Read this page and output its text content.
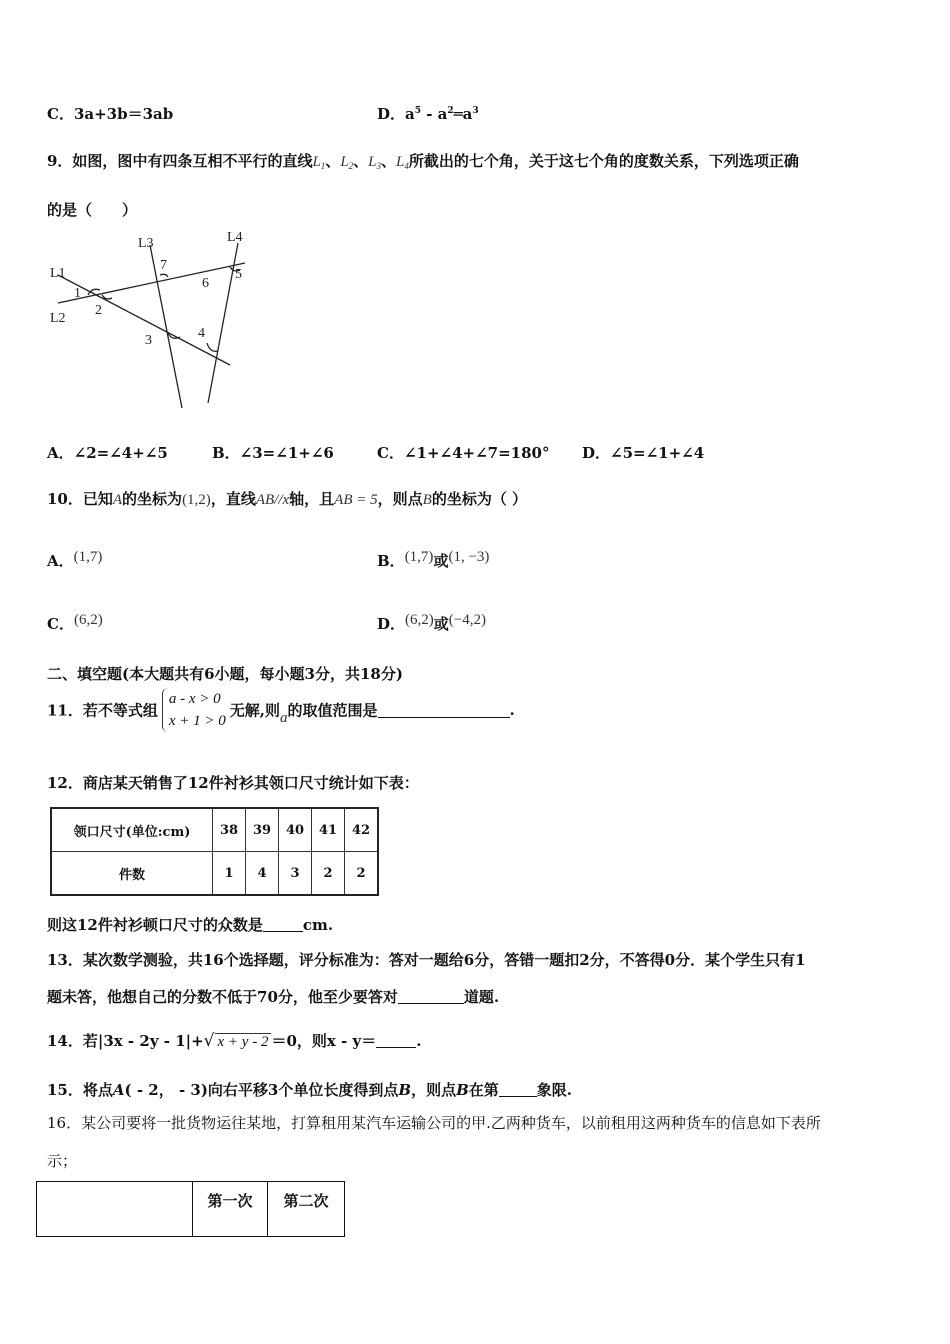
C．3a+3b＝3ab	D．$a^5$ - $a^2═a^3$
9．如图，图中有四条互相不平行的直线$L_1$、$L_2$、$L_3$、$L_4$所截出的七个角，关于这七个角的度数关系，下列选项正确
的是（　　）
L1
L2
L3	L4
1
2
3	4
5
6
7
A．∠2=∠4+∠5	B．∠3=∠1+∠6	C．∠1+∠4+∠7=180° D．∠5=∠1+∠4
10．已知A的坐标为(1,2)，直线AB//x轴，且AB = 5，则点B的坐标为（ ）
A．(1,7)	B．(1,7)或(1, −3)
C．(6,2)	D．(6,2)或(−4,2)
二、填空题(本大题共有6小题，每小题3分，共18分)
11．若不等式组a - x > 0
x + 1 > 0无解,则a的取值范围是	.
12．商店某天销售了12件衬衫其领口尺寸统计如下表：
领口尺寸(单位:cm)	38	39	40	41	42
件数	1	4	3	2	2
则这12件衬衫顿口尺寸的众数是	cm.
13．某次数学测验，共16个选择题，评分标准为：答对一题给6分，答错一题扣2分，不答得0分．某个学生只有1
题未答，他想自己的分数不低于70分，他至少要答对	道题.
14．若|3x - 2y - 1|+√ x + y - 2 ＝0，则x - y＝	.
15．将点A( - 2， - 3)向右平移3个单位长度得到点B，则点B在第	象限.
16．某公司要将一批货物运往某地，打算租用某汽车运输公司的甲.乙两种货车，以前租用这两种货车的信息如下表所
示；
	第一次	第二次
